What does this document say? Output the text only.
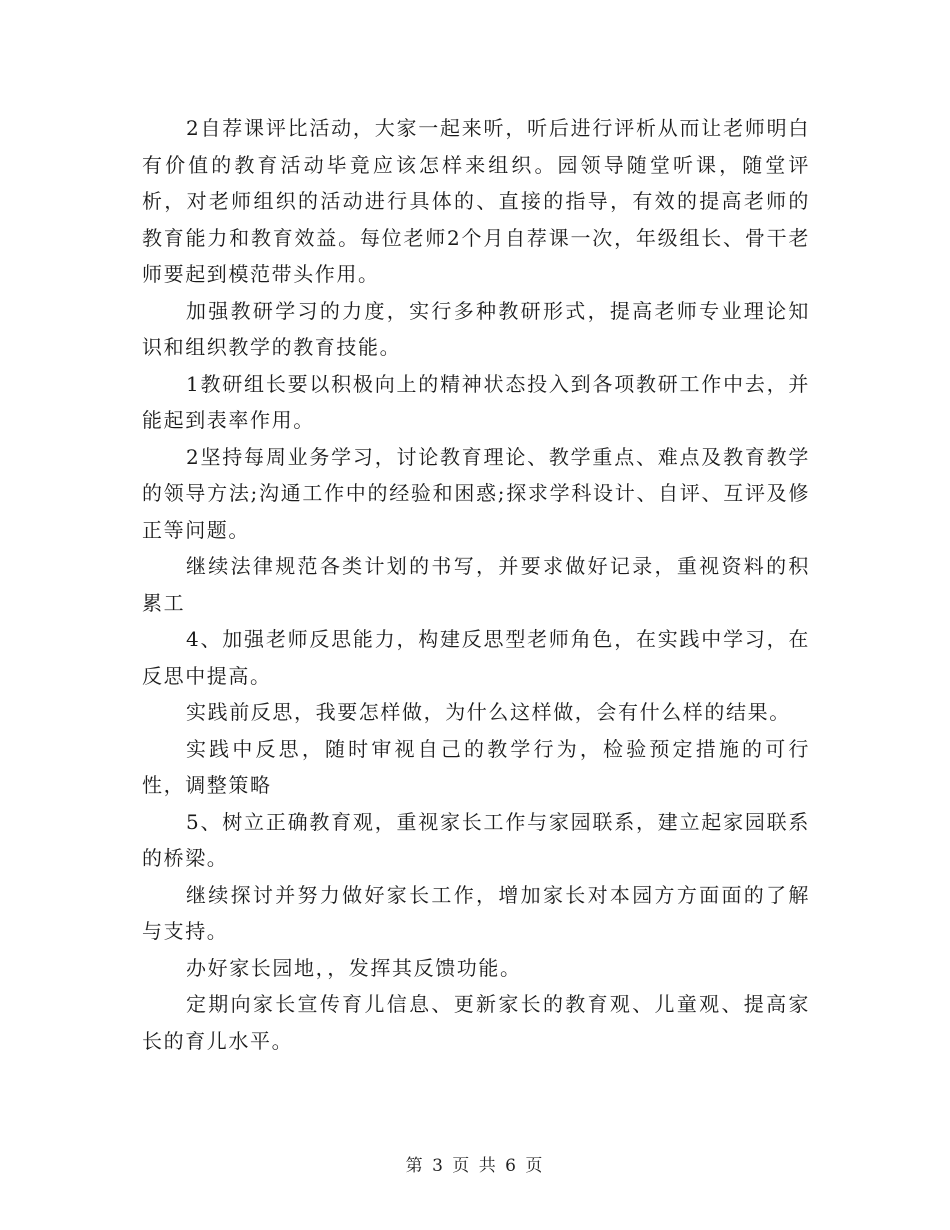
2自荐课评比活动，大家一起来听，听后进行评析从而让老师明白有价值的教育活动毕竟应该怎样来组织。园领导随堂听课，随堂评析，对老师组织的活动进行具体的、直接的指导，有效的提高老师的教育能力和教育效益。每位老师2个月自荐课一次，年级组长、骨干老师要起到模范带头作用。

加强教研学习的力度，实行多种教研形式，提高老师专业理论知识和组织教学的教育技能。

1教研组长要以积极向上的精神状态投入到各项教研工作中去，并能起到表率作用。

2坚持每周业务学习，讨论教育理论、教学重点、难点及教育教学的领导方法;沟通工作中的经验和困惑;探求学科设计、自评、互评及修正等问题。

继续法律规范各类计划的书写，并要求做好记录，重视资料的积累工

4、加强老师反思能力，构建反思型老师角色，在实践中学习，在反思中提高。

实践前反思，我要怎样做，为什么这样做，会有什么样的结果。

实践中反思，随时审视自己的教学行为，检验预定措施的可行性，调整策略

5、树立正确教育观，重视家长工作与家园联系，建立起家园联系的桥梁。

继续探讨并努力做好家长工作，增加家长对本园方方面面的了解与支持。

办好家长园地，，发挥其反馈功能。

定期向家长宣传育儿信息、更新家长的教育观、儿童观、提高家长的育儿水平。

第 3 页 共 6 页
